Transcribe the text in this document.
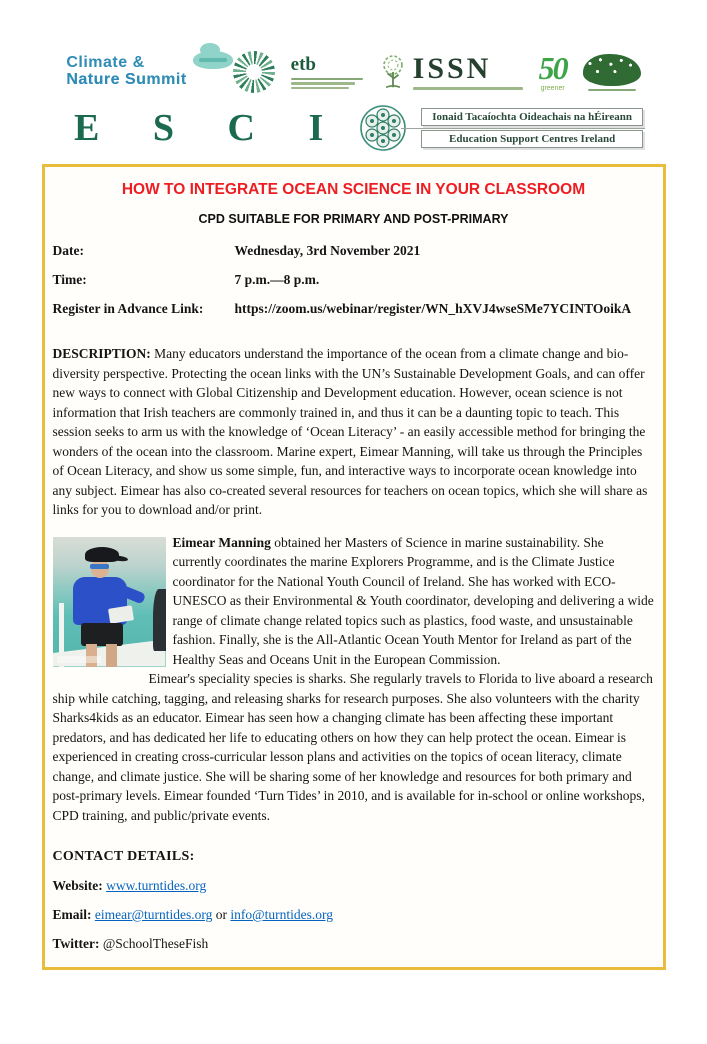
Climate &
Nature Summit
etb	ISSN	50
greener
E S C I	Ionaid Tacaíochta Oideachais na hÉireann
Education Support Centres Ireland
HOW TO INTEGRATE OCEAN SCIENCE IN YOUR CLASSROOM
CPD SUITABLE FOR PRIMARY AND POST-PRIMARY
Date:	Wednesday, 3rd November 2021
Time:	7 p.m.—8 p.m.
Register in Advance Link: https://zoom.us/webinar/register/WN_hXVJ4wseSMe7YCINTOoikA

DESCRIPTION: Many educators understand the importance of the ocean from a climate change and bio-diversity perspective. Protecting the ocean links with the UN’s Sustainable Development Goals, and can offer new ways to connect with Global Citizenship and Development education. However, ocean science is not information that Irish teachers are commonly trained in, and thus it can be a daunting topic to teach. This session seeks to arm us with the knowledge of ‘Ocean Literacy’ - an easily accessible method for bringing the wonders of the ocean into the classroom. Marine expert, Eimear Manning, will take us through the Principles of Ocean Literacy, and show us some simple, fun, and interactive ways to incorporate ocean knowledge into any subject. Eimear has also co-created several resources for teachers on ocean topics, which she will share as links for you to download and/or print.

Eimear Manning obtained her Masters of Science in marine sustainability. She currently coordinates the marine Explorers Programme, and is the Climate Justice coordinator for the National Youth Council of Ireland. She has worked with ECO-UNESCO as their Environmental & Youth coordinator, developing and delivering a wide range of climate change related topics such as plastics, food waste, and unsustainable fashion. Finally, she is the All-Atlantic Ocean Youth Mentor for Ireland as part of the Healthy Seas and Oceans Unit in the European Commission.

Eimear's speciality species is sharks. She regularly travels to Florida to live aboard a research ship while catching, tagging, and releasing sharks for research purposes. She also volunteers with the charity Sharks4kids as an educator. Eimear has seen how a changing climate has been affecting these important predators, and has dedicated her life to educating others on how they can help protect the ocean. Eimear is experienced in creating cross-curricular lesson plans and activities on the topics of ocean literacy, climate change, and climate justice. She will be sharing some of her knowledge and resources for both primary and post-primary levels. Eimear founded ‘Turn Tides’ in 2010, and is available for in-school or online workshops, CPD training, and public/private events.

CONTACT DETAILS:
Website: www.turntides.org
Email: eimear@turntides.org or info@turntides.org
Twitter: @SchoolTheseFish
